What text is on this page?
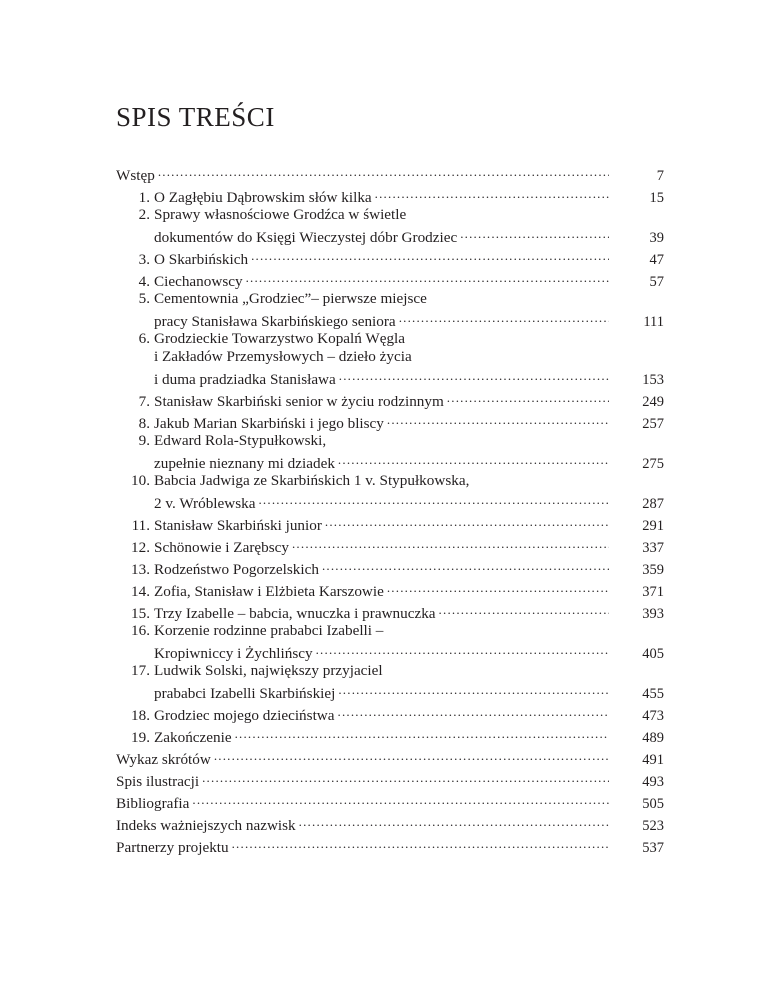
SPIS TREŚCI
Wstęp .....	7
1. O Zagłębiu Dąbrowskim słów kilka .....	15
2. Sprawy własnościowe Grodźca w świetle
dokumentów do Księgi Wieczystej dóbr Grodziec .....	39
3. O Skarbińskich .....	47
4. Ciechanowscy .....	57
5. Cementownia „Grodziec”– pierwsze miejsce
pracy Stanisława Skarbińskiego seniora .....	111
6. Grodzieckie Towarzystwo Kopalń Węgla
i Zakładów Przemysłowych – dzieło życia
i duma pradziadka Stanisława .....	153
7. Stanisław Skarbiński senior w życiu rodzinnym .....	249
8. Jakub Marian Skarbiński i jego bliscy .....	257
9. Edward Rola-Stypułkowski,
zupełnie nieznany mi dziadek .....	275
10. Babcia Jadwiga ze Skarbińskich 1 v. Stypułkowska,
2 v. Wróblewska .....	287
11. Stanisław Skarbiński junior .....	291
12. Schönowie i Zarębscy .....	337
13. Rodzeństwo Pogorzelskich .....	359
14. Zofia, Stanisław i Elżbieta Karszowie .....	371
15. Trzy Izabelle – babcia, wnuczka i prawnuczka .....	393
16. Korzenie rodzinne prababci Izabelli –
Kropiwniccy i Żychlińscy .....	405
17. Ludwik Solski, największy przyjaciel
prababci Izabelli Skarbińskiej .....	455
18. Grodziec mojego dzieciństwa .....	473
19. Zakończenie .....	489
Wykaz skrótów .....	491
Spis ilustracji .....	493
Bibliografia .....	505
Indeks ważniejszych nazwisk .....	523
Partnerzy projektu .....	537
